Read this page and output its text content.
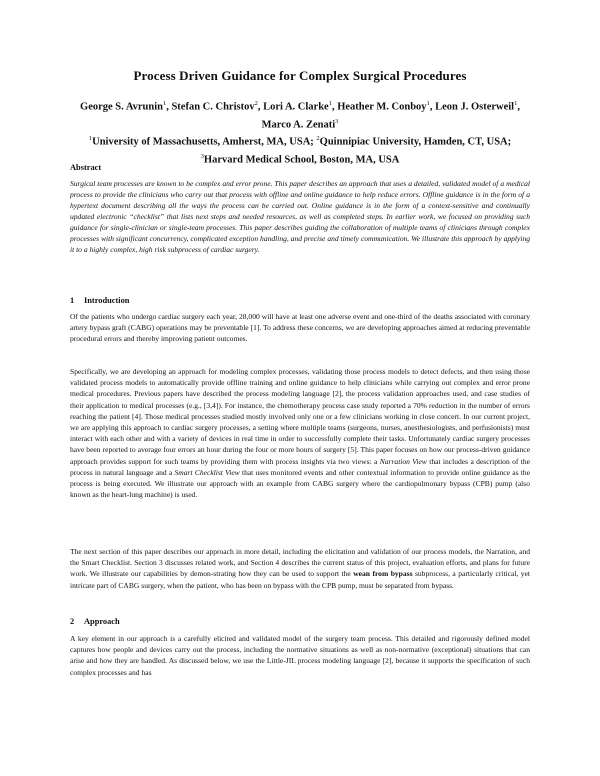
Process Driven Guidance for Complex Surgical Procedures
George S. Avrunin$^1$, Stefan C. Christov$^2$, Lori A. Clarke$^1$, Heather M. Conboy$^1$, Leon J. Osterweil$^1$, Marco A. Zenati$^3$
$^1$University of Massachusetts, Amherst, MA, USA; $^2$Quinnipiac University, Hamden, CT, USA; $^3$Harvard Medical School, Boston, MA, USA
Abstract
Surgical team processes are known to be complex and error prone. This paper describes an approach that uses a detailed, validated model of a medical process to provide the clinicians who carry out that process with offline and online guidance to help reduce errors. Offline guidance is in the form of a hypertext document describing all the ways the process can be carried out. Online guidance is in the form of a context-sensitive and continually updated electronic “checklist” that lists next steps and needed resources, as well as completed steps. In earlier work, we focused on providing such guidance for single-clinician or single-team processes. This paper describes guiding the collaboration of multiple teams of clinicians through complex processes with significant concurrency, complicated exception handling, and precise and timely communication. We illustrate this approach by applying it to a highly complex, high risk subprocess of cardiac surgery.
1 Introduction
Of the patients who undergo cardiac surgery each year, 28,000 will have at least one adverse event and one-third of the deaths associated with coronary artery bypass graft (CABG) operations may be preventable [1]. To address these concerns, we are developing approaches aimed at reducing preventable procedural errors and thereby improving patient outcomes.
Specifically, we are developing an approach for modeling complex processes, validating those process models to detect defects, and then using those validated process models to automatically provide offline training and online guidance to help clinicians while carrying out complex and error prone medical procedures. Previous papers have described the process modeling language [2], the process validation approaches used, and case studies of their application to medical processes (e.g., [3,4]). For instance, the chemotherapy process case study reported a 70% reduction in the number of errors reaching the patient [4]. Those medical processes studied mostly involved only one or a few clinicians working in close concert. In our current project, we are applying this approach to cardiac surgery processes, a setting where multiple teams (surgeons, nurses, anesthesiologists, and perfusionists) must interact with each other and with a variety of devices in real time in order to successfully complete their tasks. Unfortunately cardiac surgery processes have been reported to average four errors an hour during the four or more hours of surgery [5]. This paper focuses on how our process-driven guidance approach provides support for such teams by providing them with process insights via two views: a Narration View that includes a description of the process in natural language and a Smart Checklist View that uses monitored events and other contextual information to provide online guidance as the process is being executed. We illustrate our approach with an example from CABG surgery where the cardiopulmonary bypass (CPB) pump (also known as the heart-lung machine) is used.
The next section of this paper describes our approach in more detail, including the elicitation and validation of our process models, the Narration, and the Smart Checklist. Section 3 discusses related work, and Section 4 describes the current status of this project, evaluation efforts, and plans for future work. We illustrate our capabilities by demon-strating how they can be used to support the wean from bypass subprocess, a particularly critical, yet intricate part of CABG surgery, when the patient, who has been on bypass with the CPB pump, must be separated from bypass.
2 Approach
A key element in our approach is a carefully elicited and validated model of the surgery team process. This detailed and rigorously defined model captures how people and devices carry out the process, including the normative situations as well as non-normative (exceptional) situations that can arise and how they are handled. As discussed below, we use the Little-JIL process modeling language [2], because it supports the specification of such complex processes and has
